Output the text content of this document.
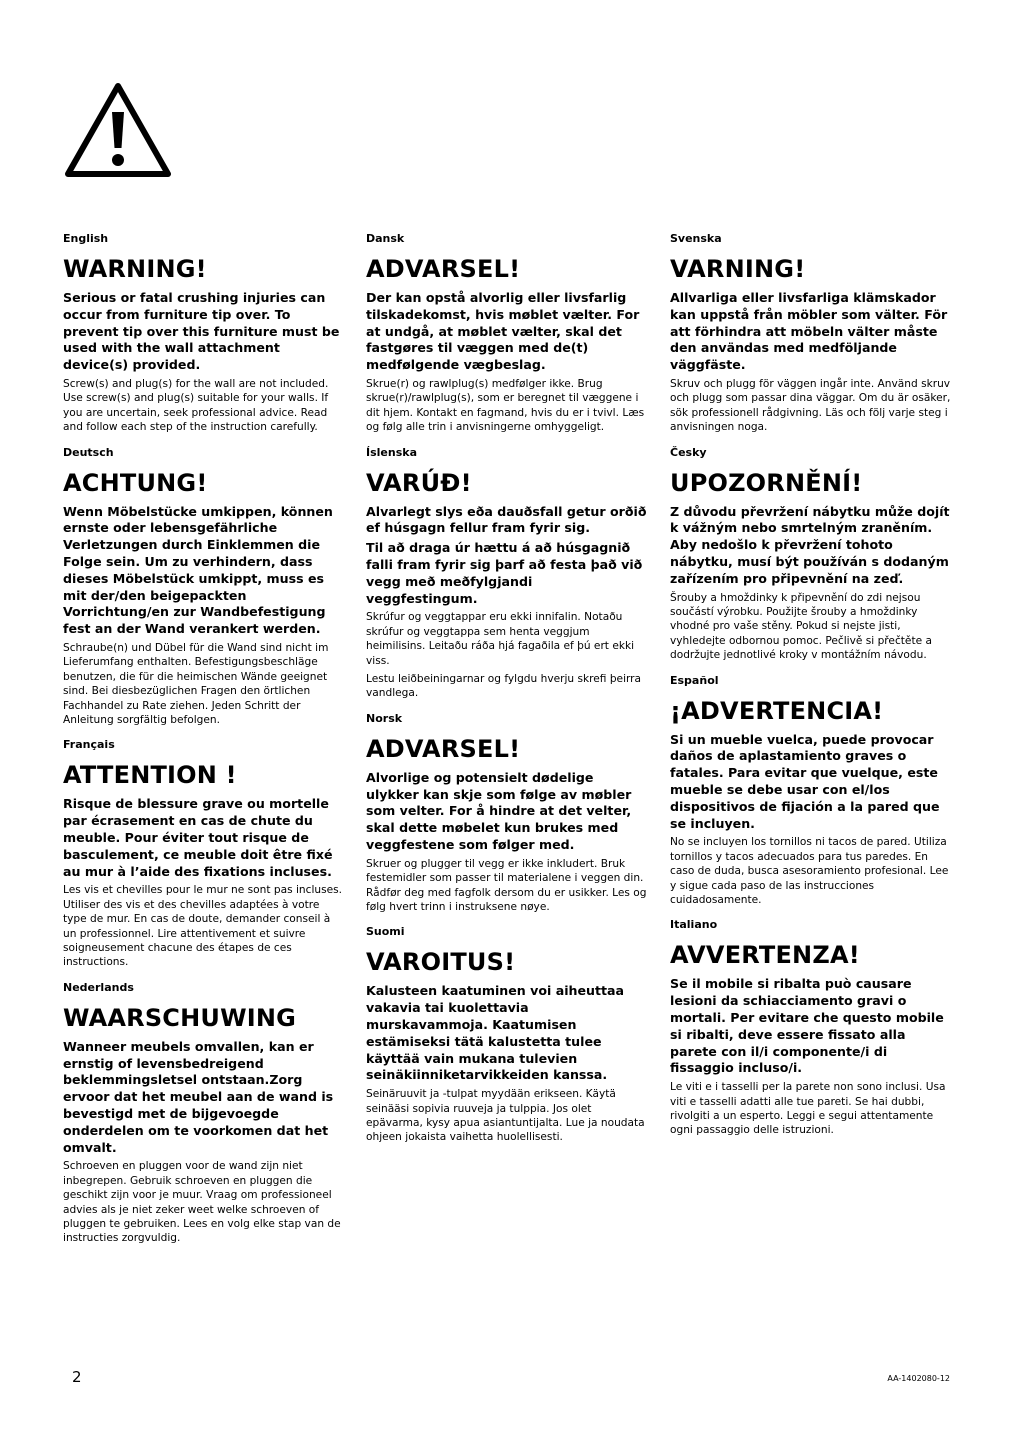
English
WARNING!

Serious or fatal crushing injuries can occur from furniture tip over. To prevent tip over this furniture must be used with the wall attachment device(s) provided.

Screw(s) and plug(s) for the wall are not included. Use screw(s) and plug(s) suitable for your walls. If you are uncertain, seek professional advice. Read and follow each step of the instruction carefully.

Deutsch
ACHTUNG!

Wenn Möbelstücke umkippen, können ernste oder lebensgefährliche Verletzungen durch Einklemmen die Folge sein. Um zu verhindern, dass dieses Möbelstück umkippt, muss es mit der/den beigepackten Vorrichtung/en zur Wandbefestigung fest an der Wand verankert werden.

Schraube(n) und Dübel für die Wand sind nicht im Lieferumfang enthalten. Befestigungsbeschläge benutzen, die für die heimischen Wände geeignet sind. Bei diesbezüglichen Fragen den örtlichen Fachhandel zu Rate ziehen. Jeden Schritt der Anleitung sorgfältig befolgen.

Français
ATTENTION !

Risque de blessure grave ou mortelle par écrasement en cas de chute du meuble. Pour éviter tout risque de basculement, ce meuble doit être fixé au mur à l’aide des fixations incluses.

Les vis et chevilles pour le mur ne sont pas incluses. Utiliser des vis et des chevilles adaptées à votre type de mur. En cas de doute, demander conseil à un professionnel. Lire attentivement et suivre soigneusement chacune des étapes de ces instructions.

Nederlands
WAARSCHUWING

Wanneer meubels omvallen, kan er ernstig of levensbedreigend beklemmingsletsel ontstaan.Zorg ervoor dat het meubel aan de wand is bevestigd met de bijgevoegde onderdelen om te voorkomen dat het omvalt.

Schroeven en pluggen voor de wand zijn niet inbegrepen. Gebruik schroeven en pluggen die geschikt zijn voor je muur. Vraag om professioneel advies als je niet zeker weet welke schroeven of pluggen te gebruiken. Lees en volg elke stap van de instructies zorgvuldig.

Dansk
ADVARSEL!

Der kan opstå alvorlig eller livsfarlig tilskadekomst, hvis møblet vælter. For at undgå, at møblet vælter, skal det fastgøres til væggen med de(t) medfølgende vægbeslag.

Skrue(r) og rawlplug(s) medfølger ikke. Brug skrue(r)/rawlplug(s), som er beregnet til væggene i dit hjem. Kontakt en fagmand, hvis du er i tvivl. Læs og følg alle trin i anvisningerne omhyggeligt.

Íslenska
VARÚÐ!

Alvarlegt slys eða dauðsfall getur orðið ef húsgagn fellur fram fyrir sig.

Til að draga úr hættu á að húsgagnið falli fram fyrir sig þarf að festa það við vegg með meðfylgjandi veggfestingum.

Skrúfur og veggtappar eru ekki innifalin. Notaðu skrúfur og veggtappa sem henta veggjum heimilisins. Leitaðu ráða hjá fagaðila ef þú ert ekki viss.

Lestu leiðbeiningarnar og fylgdu hverju skrefi þeirra vandlega.

Norsk
ADVARSEL!

Alvorlige og potensielt dødelige ulykker kan skje som følge av møbler som velter. For å hindre at det velter, skal dette møbelet kun brukes med veggfestene som følger med.

Skruer og plugger til vegg er ikke inkludert. Bruk festemidler som passer til materialene i veggen din. Rådfør deg med fagfolk dersom du er usikker. Les og følg hvert trinn i instruksene nøye.

Suomi
VAROITUS!

Kalusteen kaatuminen voi aiheuttaa vakavia tai kuolettavia murskavammoja. Kaatumisen estämiseksi tätä kalustetta tulee käyttää vain mukana tulevien seinäkiinniketarvikkeiden kanssa.

Seinäruuvit ja -tulpat myydään erikseen. Käytä seinääsi sopivia ruuveja ja tulppia. Jos olet epävarma, kysy apua asiantuntijalta. Lue ja noudata ohjeen jokaista vaihetta huolellisesti.

Svenska
VARNING!

Allvarliga eller livsfarliga klämskador kan uppstå från möbler som välter. För att förhindra att möbeln välter måste den användas med medföljande väggfäste.

Skruv och plugg för väggen ingår inte. Använd skruv och plugg som passar dina väggar. Om du är osäker, sök professionell rådgivning. Läs och följ varje steg i anvisningen noga.

Česky
UPOZORNĚNÍ!

Z důvodu převržení nábytku může dojít k vážným nebo smrtelným zraněním. Aby nedošlo k převržení tohoto nábytku, musí být používán s dodaným zařízením pro připevnění na zeď.

Šrouby a hmoždinky k připevnění do zdi nejsou součástí výrobku. Použijte šrouby a hmoždinky vhodné pro vaše stěny. Pokud si nejste jisti, vyhledejte odbornou pomoc. Pečlivě si přečtěte a dodržujte jednotlivé kroky v montážním návodu.

Español
¡ADVERTENCIA!

Si un mueble vuelca, puede provocar daños de aplastamiento graves o fatales. Para evitar que vuelque, este mueble se debe usar con el/los dispositivos de fijación a la pared que se incluyen.

No se incluyen los tornillos ni tacos de pared. Utiliza tornillos y tacos adecuados para tus paredes. En caso de duda, busca asesoramiento profesional. Lee y sigue cada paso de las instrucciones cuidadosamente.

Italiano
AVVERTENZA!

Se il mobile si ribalta può causare lesioni da schiacciamento gravi o mortali. Per evitare che questo mobile si ribalti, deve essere fissato alla parete con il/i componente/i di fissaggio incluso/i.

Le viti e i tasselli per la parete non sono inclusi. Usa viti e tasselli adatti alle tue pareti. Se hai dubbi, rivolgiti a un esperto. Leggi e segui attentamente ogni passaggio delle istruzioni.

2	AA-1402080-12
